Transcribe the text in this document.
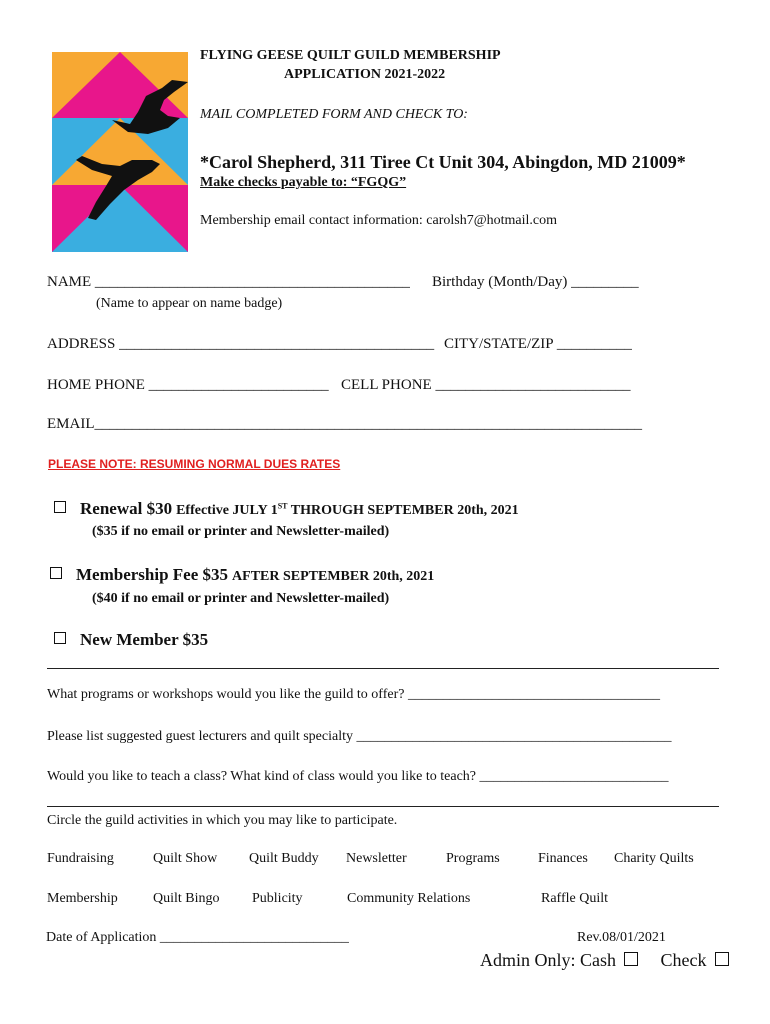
FLYING GEESE QUILT GUILD MEMBERSHIP
APPLICATION 2021-2022
MAIL COMPLETED FORM AND CHECK TO:
*Carol Shepherd, 311 Tiree Ct Unit 304, Abingdon, MD 21009*
Make checks payable to: “FGQG”
Membership email contact information: carolsh7@hotmail.com
NAME __________________________________________ Birthday (Month/Day) _________
(Name to appear on name badge)
ADDRESS __________________________________________ CITY/STATE/ZIP __________
HOME PHONE ________________________ CELL PHONE __________________________
EMAIL_________________________________________________________________________
PLEASE NOTE: RESUMING NORMAL DUES RATES
Renewal $30 Effective JULY 1ST THROUGH SEPTEMBER 20th, 2021
($35 if no email or printer and Newsletter-mailed)
Membership Fee $35 AFTER SEPTEMBER 20th, 2021
($40 if no email or printer and Newsletter-mailed)
New Member $35
What programs or workshops would you like the guild to offer? ____________________________________
Please list suggested guest lecturers and quilt specialty _____________________________________________
Would you like to teach a class? What kind of class would you like to teach? ___________________________
Circle the guild activities in which you may like to participate.
Fundraising	Quilt Show Quilt Buddy Newsletter	Programs	Finances Charity Quilts
Membership	Quilt Bingo Publicity	Community Relations	Raffle Quilt
Date of Application ___________________________	Rev.08/01/2021
Admin Only: Cash Check
